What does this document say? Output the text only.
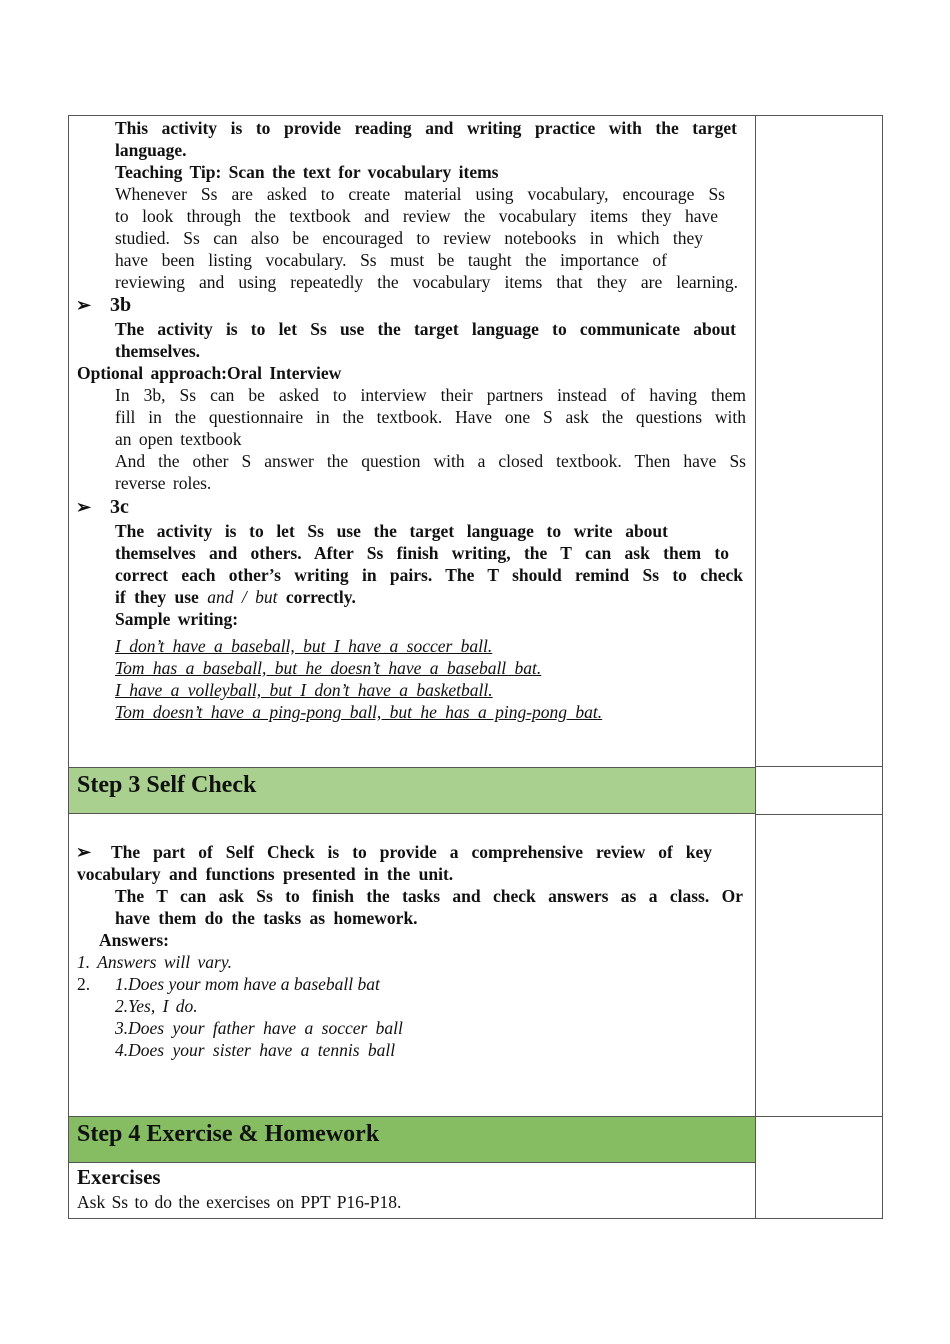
Step 3 Self Check
Step 4 Exercise & Homework
This activity is to provide reading and writing practice with the target
language.
Teaching Tip: Scan the text for vocabulary items
Whenever Ss are asked to create material using vocabulary, encourage Ss
to look through the textbook and review the vocabulary items they have
studied. Ss can also be encouraged to review notebooks in which they
have been listing vocabulary. Ss must be taught the importance of
reviewing and using repeatedly the vocabulary items that they are learning.
➢ 3b
The activity is to let Ss use the target language to communicate about
themselves.
Optional approach:Oral Interview
In 3b, Ss can be asked to interview their partners instead of having them
fill in the questionnaire in the textbook. Have one S ask the questions with
an open textbook
And the other S answer the question with a closed textbook. Then have Ss
reverse roles.
➢ 3c
The activity is to let Ss use the target language to write about
themselves and others. After Ss finish writing, the T can ask them to
correct each other’s writing in pairs. The T should remind Ss to check
if they use and / but correctly.
Sample writing:
I don’t have a baseball, but I have a soccer ball.
Tom has a baseball, but he doesn’t have a baseball bat.
I have a volleyball, but I don’t have a basketball.
Tom doesn’t have a ping-pong ball, but he has a ping-pong bat.
➢ The part of Self Check is to provide a comprehensive review of key
vocabulary and functions presented in the unit.
The T can ask Ss to finish the tasks and check answers as a class. Or
have them do the tasks as homework.
Answers:
1. Answers will vary.
2. 1.Does your mom have a baseball bat
2.Yes, I do.
3.Does your father have a soccer ball
4.Does your sister have a tennis ball
Exercises
Ask Ss to do the exercises on PPT P16-P18.
